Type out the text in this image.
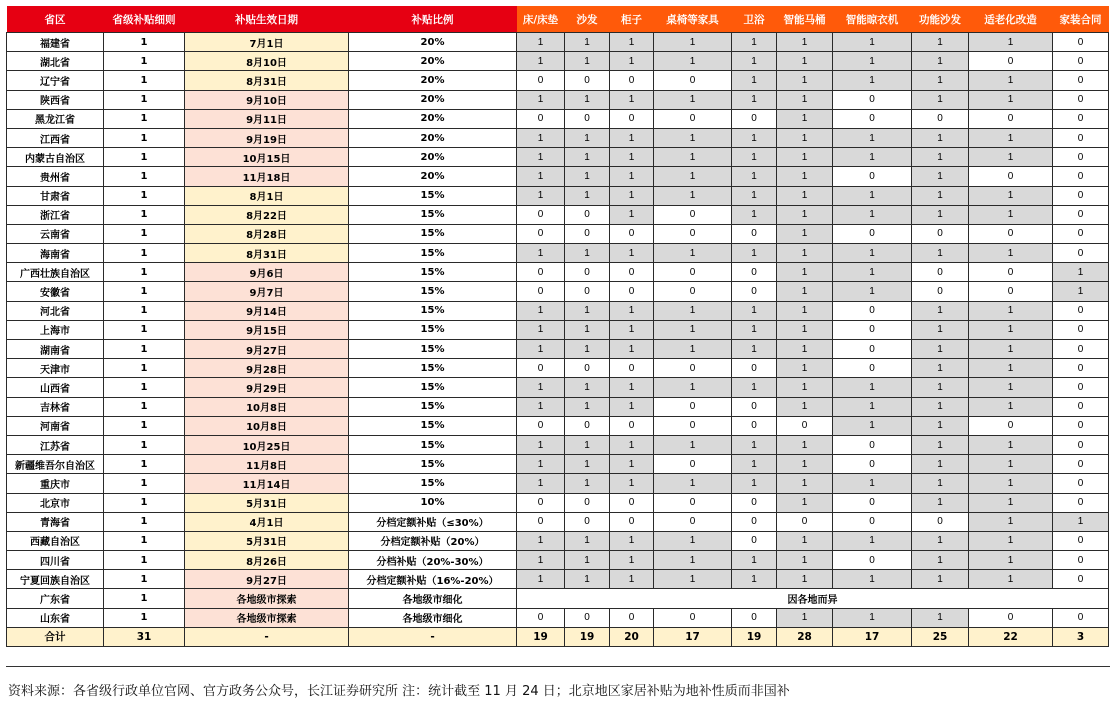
省区	省级补贴细则	补贴生效日期	补贴比例	床/床垫	沙发	柜子	桌椅等家具	卫浴	智能马桶	智能晾衣机	功能沙发	适老化改造	家装合同
福建省	1	7月1日	20%	1	1	1	1	1	1	1	1	1	0
湖北省	1	8月10日	20%	1	1	1	1	1	1	1	1	0	0
辽宁省	1	8月31日	20%	0	0	0	0	1	1	1	1	1	0
陕西省	1	9月10日	20%	1	1	1	1	1	1	0	1	1	0
黑龙江省	1	9月11日	20%	0	0	0	0	0	1	0	0	0	0
江西省	1	9月19日	20%	1	1	1	1	1	1	1	1	1	0
内蒙古自治区	1	10月15日	20%	1	1	1	1	1	1	1	1	1	0
贵州省	1	11月18日	20%	1	1	1	1	1	1	0	1	0	0
甘肃省	1	8月1日	15%	1	1	1	1	1	1	1	1	1	0
浙江省	1	8月22日	15%	0	0	1	0	1	1	1	1	1	0
云南省	1	8月28日	15%	0	0	0	0	0	1	0	0	0	0
海南省	1	8月31日	15%	1	1	1	1	1	1	1	1	1	0
广西壮族自治区	1	9月6日	15%	0	0	0	0	0	1	1	0	0	1
安徽省	1	9月7日	15%	0	0	0	0	0	1	1	0	0	1
河北省	1	9月14日	15%	1	1	1	1	1	1	0	1	1	0
上海市	1	9月15日	15%	1	1	1	1	1	1	0	1	1	0
湖南省	1	9月27日	15%	1	1	1	1	1	1	0	1	1	0
天津市	1	9月28日	15%	0	0	0	0	0	1	0	1	1	0
山西省	1	9月29日	15%	1	1	1	1	1	1	1	1	1	0
吉林省	1	10月8日	15%	1	1	1	0	0	1	1	1	1	0
河南省	1	10月8日	15%	0	0	0	0	0	0	1	1	0	0
江苏省	1	10月25日	15%	1	1	1	1	1	1	0	1	1	0
新疆维吾尔自治区	1	11月8日	15%	1	1	1	0	1	1	0	1	1	0
重庆市	1	11月14日	15%	1	1	1	1	1	1	1	1	1	0
北京市	1	5月31日	10%	0	0	0	0	0	1	0	1	1	0
青海省	1	4月1日	分档定额补贴（≤30%）	0	0	0	0	0	0	0	0	1	1
西藏自治区	1	5月31日	分档定额补贴（20%）	1	1	1	1	0	1	1	1	1	0
四川省	1	8月26日	分档补贴（20%-30%）	1	1	1	1	1	1	0	1	1	0
宁夏回族自治区	1	9月27日	分档定额补贴（16%-20%）	1	1	1	1	1	1	1	1	1	0
广东省	1	各地级市探索	各地级市细化	因各地而异									
山东省	1	各地级市探索	各地级市细化	0	0	0	0	0	1	1	1	0	0
合计	31	-	-	19	19	20	17	19	28	17	25	22	3
资料来源：各省级行政单位官网、官方政务公众号，长江证券研究所 注：统计截至 11 月 24 日；北京地区家居补贴为地补性质而非国补
